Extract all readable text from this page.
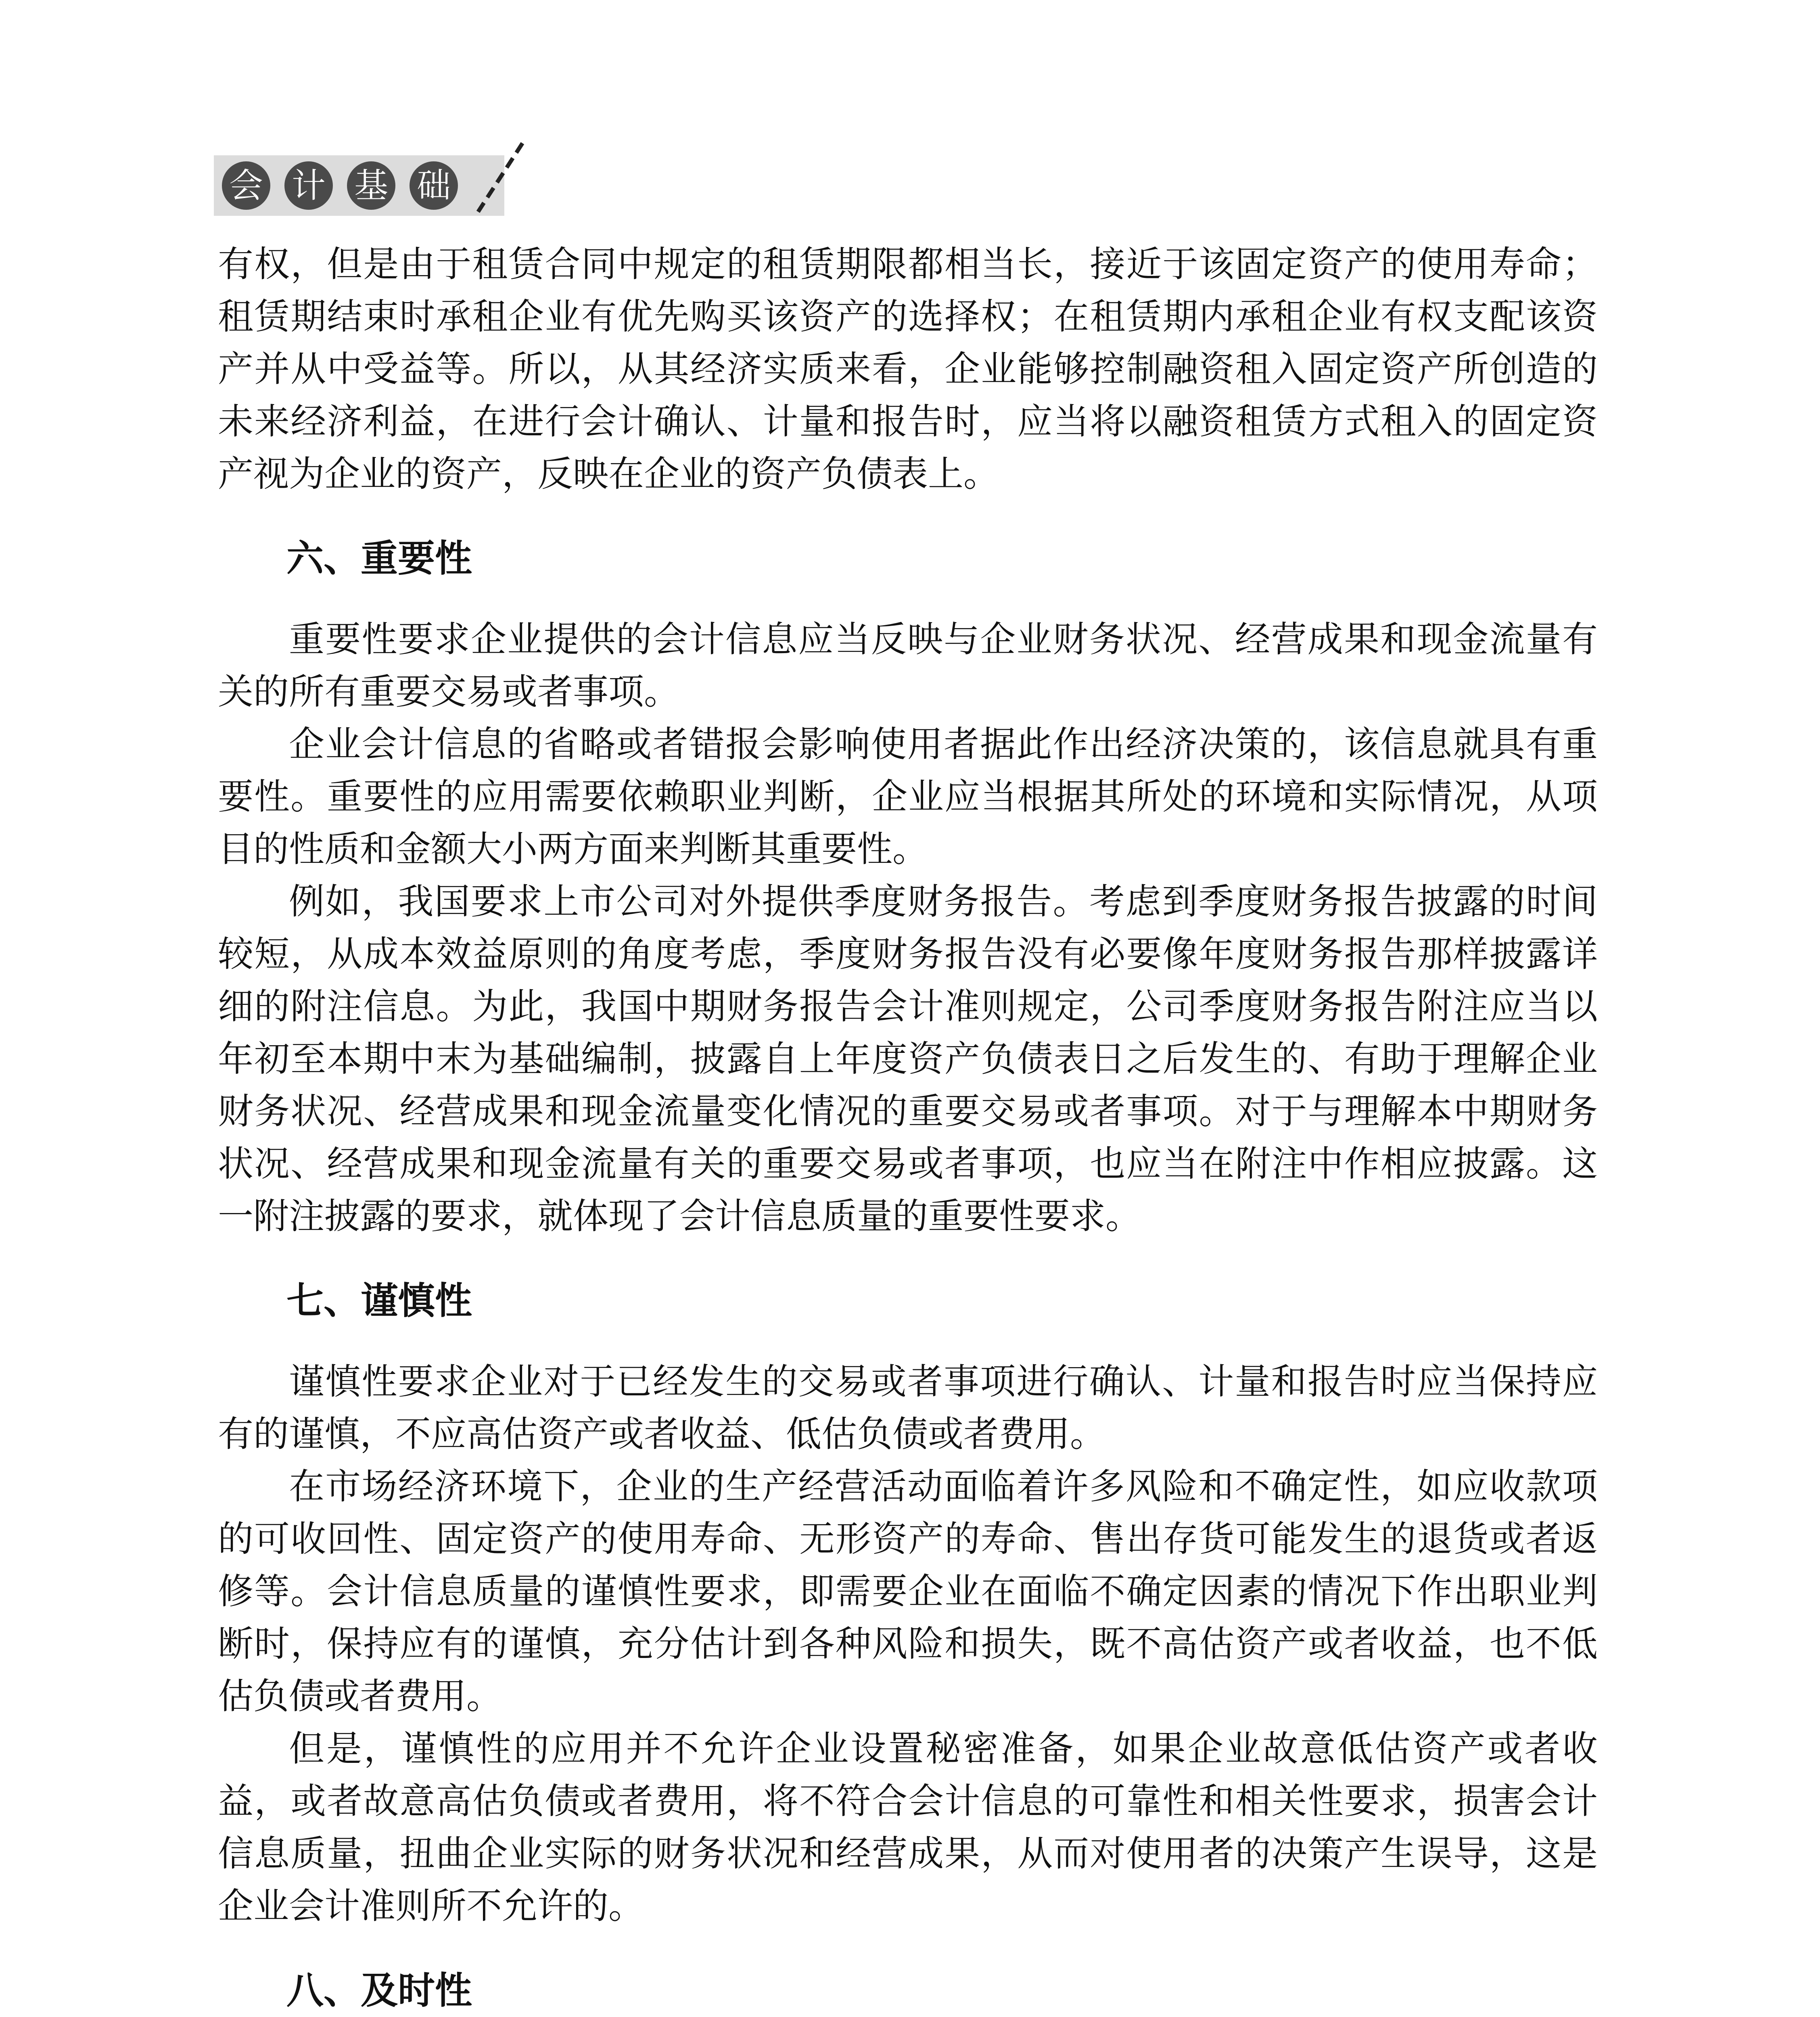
会 计 基 础

有权，但是由于租赁合同中规定的租赁期限都相当长，接近于该固定资产的使用寿命；租赁期结束时承租企业有优先购买该资产的选择权；在租赁期内承租企业有权支配该资产并从中受益等。所以，从其经济实质来看，企业能够控制融资租入固定资产所创造的未来经济利益，在进行会计确认、计量和报告时，应当将以融资租赁方式租入的固定资产视为企业的资产，反映在企业的资产负债表上。

六、重要性

重要性要求企业提供的会计信息应当反映与企业财务状况、经营成果和现金流量有关的所有重要交易或者事项。

企业会计信息的省略或者错报会影响使用者据此作出经济决策的，该信息就具有重要性。重要性的应用需要依赖职业判断，企业应当根据其所处的环境和实际情况，从项目的性质和金额大小两方面来判断其重要性。

例如，我国要求上市公司对外提供季度财务报告。考虑到季度财务报告披露的时间较短，从成本效益原则的角度考虑，季度财务报告没有必要像年度财务报告那样披露详细的附注信息。为此，我国中期财务报告会计准则规定，公司季度财务报告附注应当以年初至本期中末为基础编制，披露自上年度资产负债表日之后发生的、有助于理解企业财务状况、经营成果和现金流量变化情况的重要交易或者事项。对于与理解本中期财务状况、经营成果和现金流量有关的重要交易或者事项，也应当在附注中作相应披露。这一附注披露的要求，就体现了会计信息质量的重要性要求。

七、谨慎性

谨慎性要求企业对于已经发生的交易或者事项进行确认、计量和报告时应当保持应有的谨慎，不应高估资产或者收益、低估负债或者费用。

在市场经济环境下，企业的生产经营活动面临着许多风险和不确定性，如应收款项的可收回性、固定资产的使用寿命、无形资产的寿命、售出存货可能发生的退货或者返修等。会计信息质量的谨慎性要求，即需要企业在面临不确定因素的情况下作出职业判断时，保持应有的谨慎，充分估计到各种风险和损失，既不高估资产或者收益，也不低估负债或者费用。

但是，谨慎性的应用并不允许企业设置秘密准备，如果企业故意低估资产或者收益，或者故意高估负债或者费用，将不符合会计信息的可靠性和相关性要求，损害会计信息质量，扭曲企业实际的财务状况和经营成果，从而对使用者的决策产生误导，这是企业会计准则所不允许的。

八、及时性
